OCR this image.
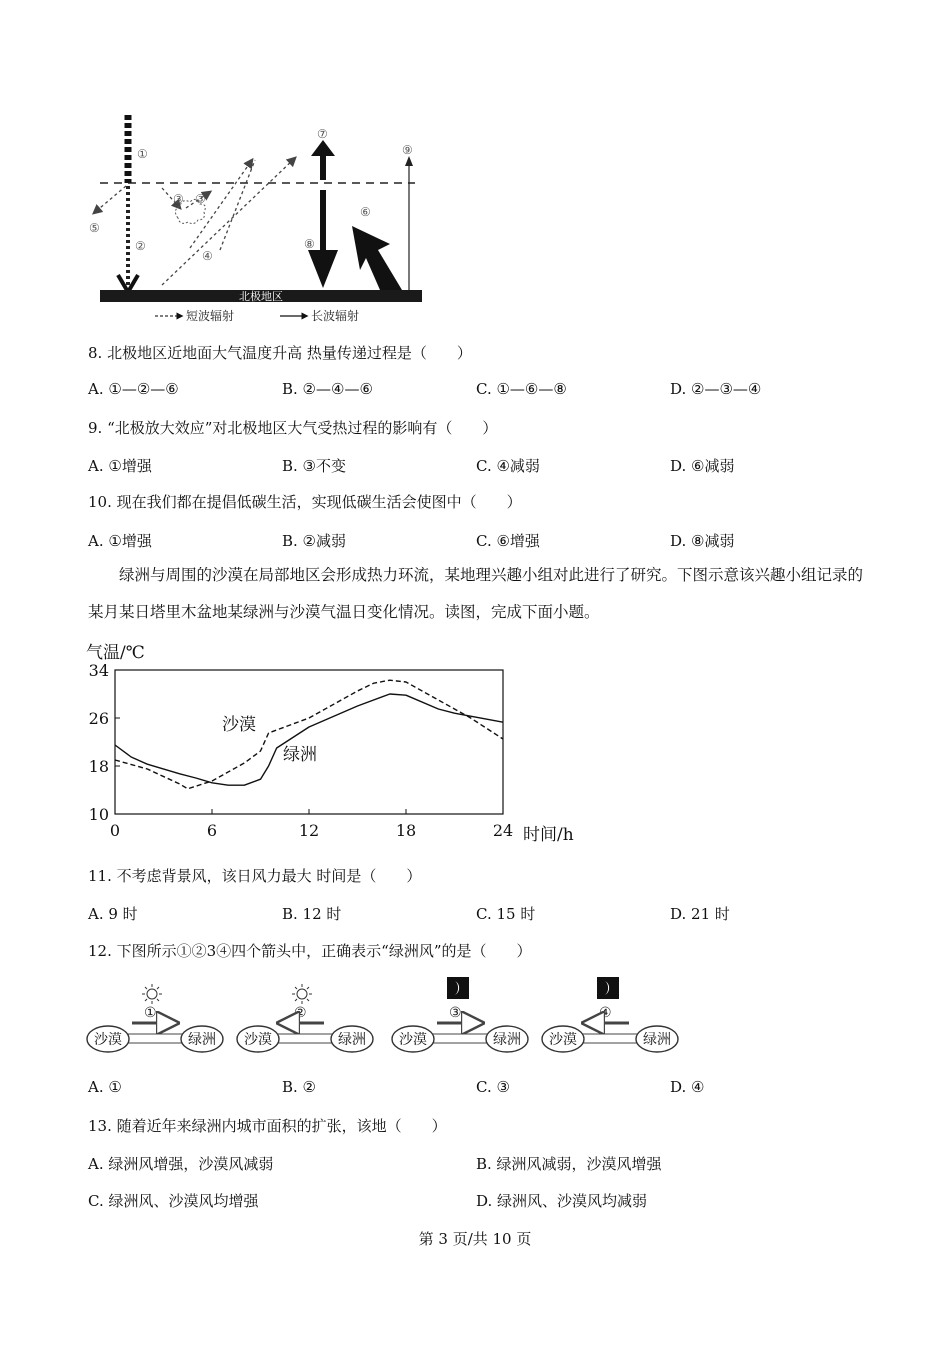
北极地区
①
②
③ ③
④
⑤
⑥
⑦
⑧
⑨
短波辐射	长波辐射
8. 北极地区近地面大气温度升高 热量传递过程是（　　）
A. ①—②—⑥	B. ②—④—⑥	C. ①—⑥—⑧	D. ②—③—④
9. “北极放大效应”对北极地区大气受热过程的影响有（　　）
A. ①增强	B. ③不变	C. ④减弱	D. ⑥减弱
10. 现在我们都在提倡低碳生活，实现低碳生活会使图中（　　）
A. ①增强	B. ②减弱	C. ⑥增强	D. ⑧减弱
绿洲与周围的沙漠在局部地区会形成热力环流，某地理兴趣小组对此进行了研究。下图示意该兴趣小组记录的某月某日塔里木盆地某绿洲与沙漠气温日变化情况。读图，完成下面小题。
气温/℃
时间/h
10
18
26
34
0	6	12	18	24
沙漠
绿洲
11. 不考虑背景风，该日风力最大 时间是（　　）
A. 9 时	B. 12 时	C. 15 时	D. 21 时
12. 下图所示①②3④四个箭头中，正确表示“绿洲风”的是（　　）
①
沙漠	绿洲
②
沙漠	绿洲
③
沙漠	绿洲
④
沙漠	绿洲
A. ①	B. ②	C. ③	D. ④
13. 随着近年来绿洲内城市面积的扩张，该地（　　）
A. 绿洲风增强，沙漠风减弱	B. 绿洲风减弱，沙漠风增强
C. 绿洲风、沙漠风均增强	D. 绿洲风、沙漠风均减弱
第 3 页/共 10 页
